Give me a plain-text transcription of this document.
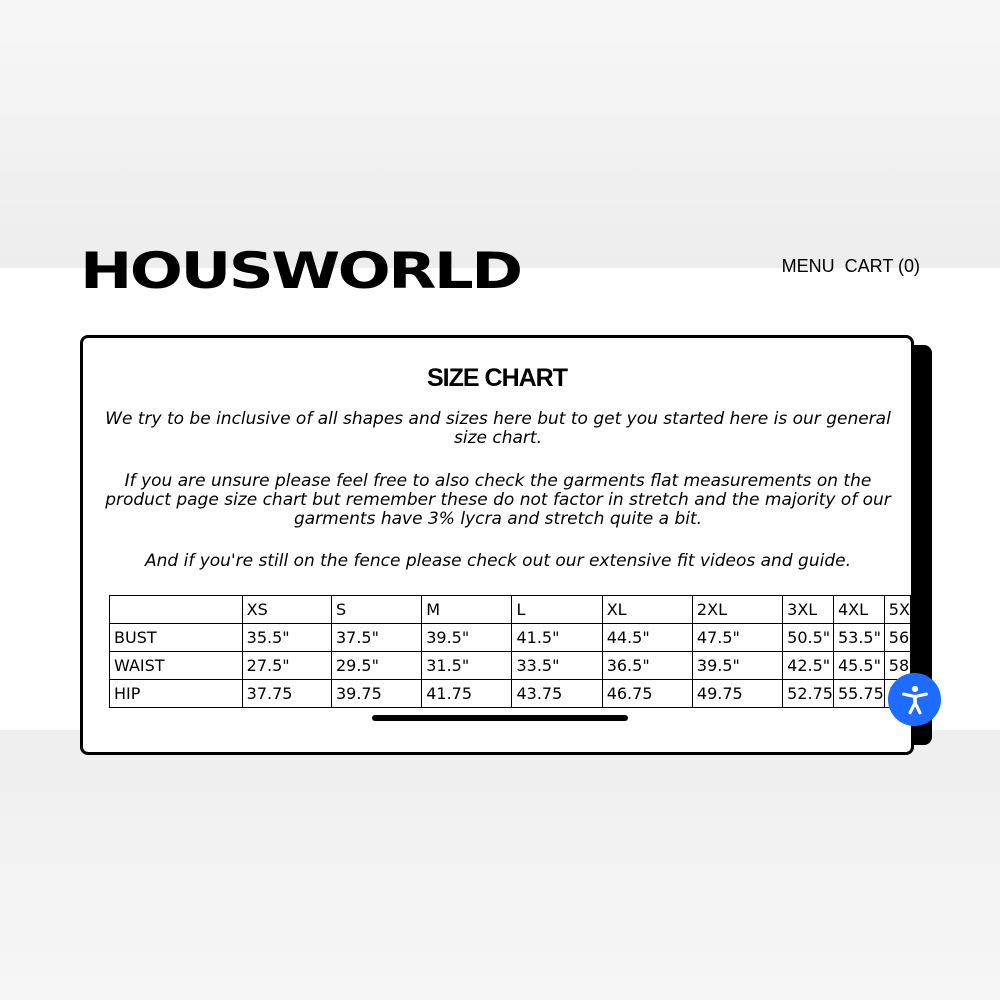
HOUSWORLD	MENU CART (0)
SIZE CHART
We try to be inclusive of all shapes and sizes here but to get you started here is our general size chart.
If you are unsure please feel free to also check the garments flat measurements on the product page size chart but remember these do not factor in stretch and the majority of our garments have 3% lycra and stretch quite a bit.
And if you're still on the fence please check out our extensive fit videos and guide.
	XS	S	M	L	XL	2XL	3XL	4XL	5X
BUST	35.5"	37.5"	39.5"	41.5"	44.5"	47.5"	50.5"	53.5"	56
WAIST	27.5"	29.5"	31.5"	33.5"	36.5"	39.5"	42.5"	45.5"	58
HIP	37.75	39.75	41.75	43.75	46.75	49.75	52.75	55.75	
